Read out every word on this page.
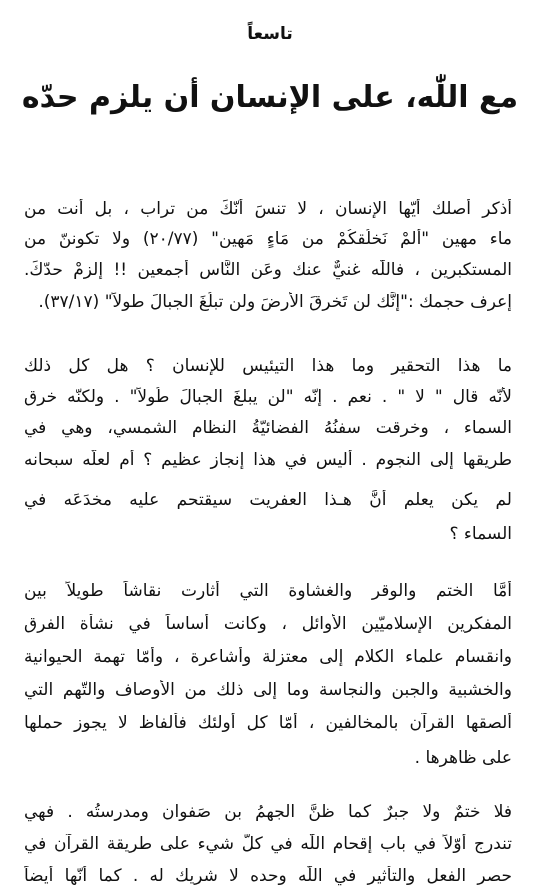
تاسعاً
مع اللّٰه، على الإنسان أن يلزم حدّه
أذكر أصلك أيّها الإنسان ، لا تنسَ أنّكَ من تراب ، بل أنت من
ماء مهين "ألمْ نَخلُقكُمْ من مَاءٍ مَهين" (٢٠/٧٧) ولا تكوننّ من
المستكبرين ، فاللّٰه غنيٌّ عنك وعَن النَّاس أجمعين !! إلزمْ حدّكَ.
إعرف حجمك :"إنَّك لن تَخرقَ الأرضَ ولن تبلُغَ الجبالَ طولاً" (٣٧/١٧).
ما هذا التحقير وما هذا التيئيس للإنسان ؟ هل كل ذلك
لأنّه قال " لا " . نعم . إنّه "لن يبلغَ الجبالَ طُولاً" . ولكنّه خرق
السماء ، وخرقت سفنُهُ الفضائيّةُ النظام الشمسي، وهي في
طريقها إلى النجوم . أليس في هذا إنجاز عظيم ؟ أم لعلّه سبحانه
لم يكن يعلم أنَّ هـذا العفريت سيقتحم عليه مخدَعَه في
السماء ؟
أمَّا الختم والوقر والغشاوة التي أثارت نقاشاً طويلاً بين
المفكرين الإسلاميّين الأوائل ، وكانت أساساً في نشأة الفرق
وانقسام علماء الكلام إلى معتزلة وأشاعرة ، وأمّا تهمة الحيوانية
والخشبية والجبن والنجاسة وما إلى ذلك من الأوصاف والتّهم التي
ألصقها القرآن بالمخالفين ، أمّا كل أولئك فألفاظ لا يجوز حملها
على ظاهرها .
فلا ختمٌ ولا جبرٌ كما ظنَّ الجهمُ بن صَفوان ومدرستُه . فهي
تندرج أوّلاً في باب إقحام اللّٰه في كلّ شيء على طريقة القرآن في
حصر الفعل والتأثير في اللّٰه وحده لا شريك له . كما أنّها أيضاً
